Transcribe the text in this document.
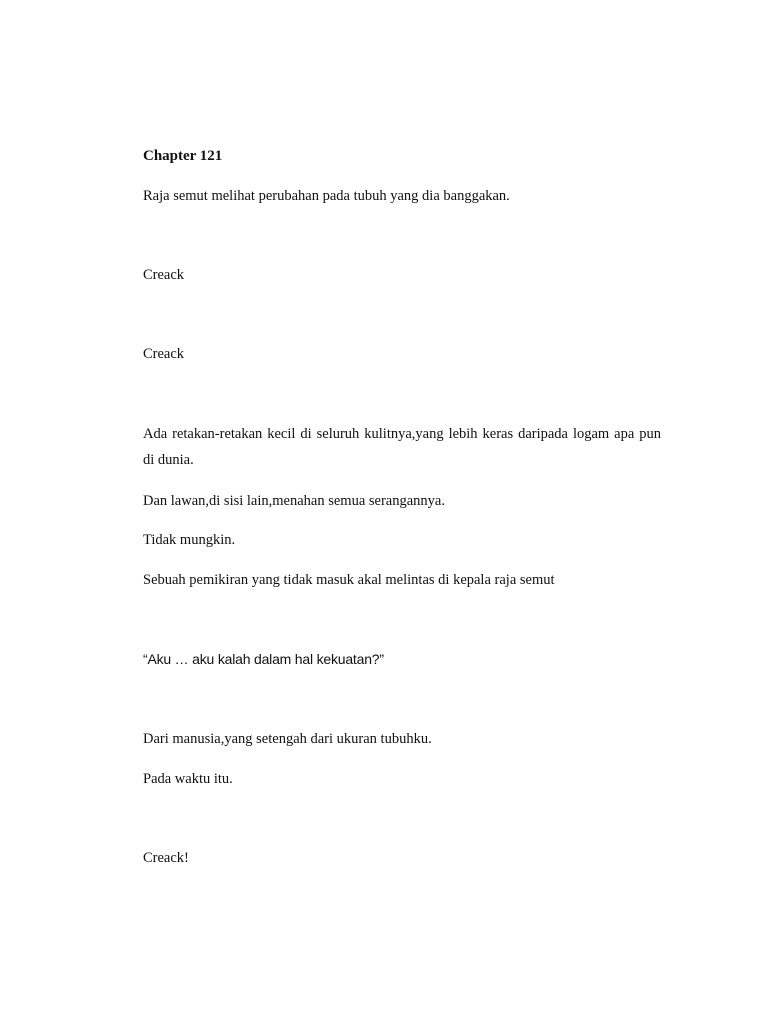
Chapter 121

Raja semut melihat perubahan pada tubuh yang dia banggakan.

Creack

Creack

Ada retakan-retakan kecil di seluruh kulitnya,yang lebih keras daripada logam apa pun di dunia.

Dan lawan,di sisi lain,menahan semua serangannya.

Tidak mungkin.

Sebuah pemikiran yang tidak masuk akal melintas di kepala raja semut

“Aku … aku kalah dalam hal kekuatan?”

Dari manusia,yang setengah dari ukuran tubuhku.

Pada waktu itu.

Creack!
